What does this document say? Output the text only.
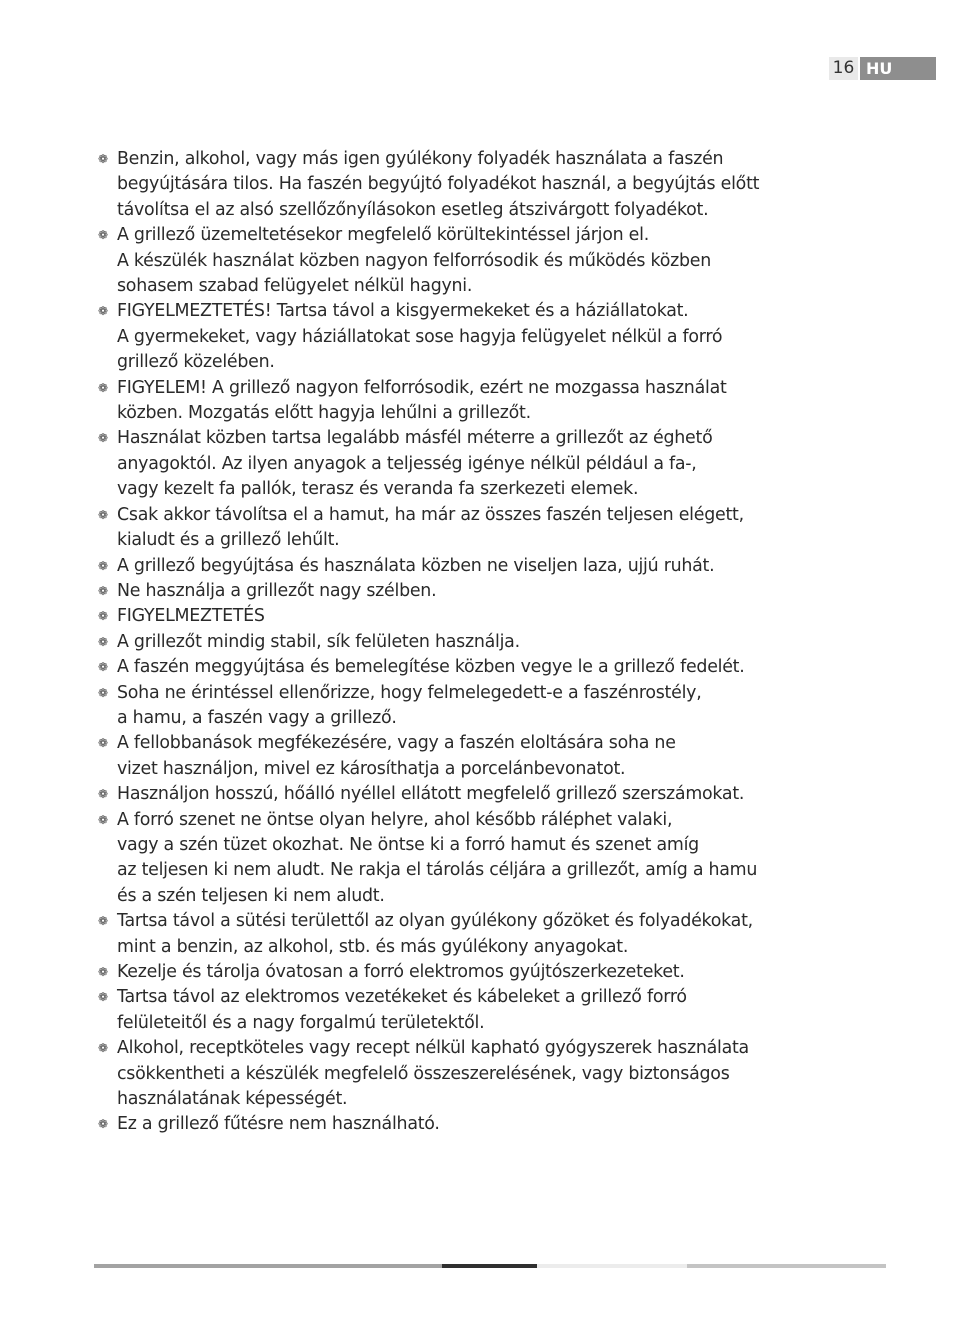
16 HU
❁ Benzin, alkohol, vagy más igen gyúlékony folyadék használata a faszén
begyújtására tilos. Ha faszén begyújtó folyadékot használ, a begyújtás előtt
távolítsa el az alsó szellőzőnyílásokon esetleg átszivárgott folyadékot.
❁ A grillező üzemeltetésekor megfelelő körültekintéssel járjon el.
A készülék használat közben nagyon felforrósodik és működés közben
sohasem szabad felügyelet nélkül hagyni.
❁ FIGYELMEZTETÉS! Tartsa távol a kisgyermekeket és a háziállatokat.
A gyermekeket, vagy háziállatokat sose hagyja felügyelet nélkül a forró
grillező közelében.
❁ FIGYELEM! A grillező nagyon felforrósodik, ezért ne mozgassa használat
közben. Mozgatás előtt hagyja lehűlni a grillezőt.
❁ Használat közben tartsa legalább másfél méterre a grillezőt az éghető
anyagoktól. Az ilyen anyagok a teljesség igénye nélkül például a fa-,
vagy kezelt fa pallók, terasz és veranda fa szerkezeti elemek.
❁ Csak akkor távolítsa el a hamut, ha már az összes faszén teljesen elégett,
kialudt és a grillező lehűlt.
❁ A grillező begyújtása és használata közben ne viseljen laza, ujjú ruhát.
❁ Ne használja a grillezőt nagy szélben.
❁ FIGYELMEZTETÉS
❁ A grillezőt mindig stabil, sík felületen használja.
❁ A faszén meggyújtása és bemelegítése közben vegye le a grillező fedelét.
❁ Soha ne érintéssel ellenőrizze, hogy felmelegedett-e a faszénrostély,
a hamu, a faszén vagy a grillező.
❁ A fellobbanások megfékezésére, vagy a faszén eloltására soha ne
vizet használjon, mivel ez károsíthatja a porcelánbevonatot.
❁ Használjon hosszú, hőálló nyéllel ellátott megfelelő grillező szerszámokat.
❁ A forró szenet ne öntse olyan helyre, ahol később ráléphet valaki,
vagy a szén tüzet okozhat. Ne öntse ki a forró hamut és szenet amíg
az teljesen ki nem aludt. Ne rakja el tárolás céljára a grillezőt, amíg a hamu
és a szén teljesen ki nem aludt.
❁ Tartsa távol a sütési területtől az olyan gyúlékony gőzöket és folyadékokat,
mint a benzin, az alkohol, stb. és más gyúlékony anyagokat.
❁ Kezelje és tárolja óvatosan a forró elektromos gyújtószerkezeteket.
❁ Tartsa távol az elektromos vezetékeket és kábeleket a grillező forró
felületeitől és a nagy forgalmú területektől.
❁ Alkohol, receptköteles vagy recept nélkül kapható gyógyszerek használata
csökkentheti a készülék megfelelő összeszerelésének, vagy biztonságos
használatának képességét.
❁ Ez a grillező fűtésre nem használható.
